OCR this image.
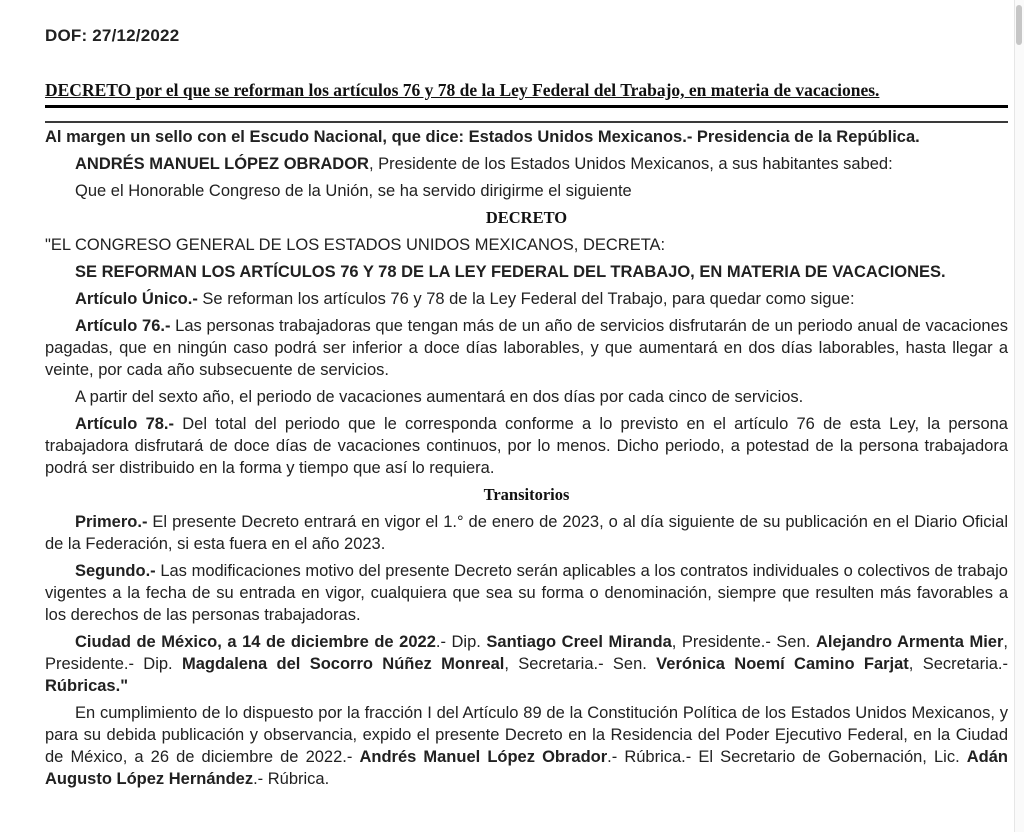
DOF: 27/12/2022

DECRETO por el que se reforman los artículos 76 y 78 de la Ley Federal del Trabajo, en materia de vacaciones.

Al margen un sello con el Escudo Nacional, que dice: Estados Unidos Mexicanos.- Presidencia de la República.

ANDRÉS MANUEL LÓPEZ OBRADOR, Presidente de los Estados Unidos Mexicanos, a sus habitantes sabed:

Que el Honorable Congreso de la Unión, se ha servido dirigirme el siguiente

DECRETO

"EL CONGRESO GENERAL DE LOS ESTADOS UNIDOS MEXICANOS, DECRETA:

SE REFORMAN LOS ARTÍCULOS 76 Y 78 DE LA LEY FEDERAL DEL TRABAJO, EN MATERIA DE VACACIONES.

Artículo Único.- Se reforman los artículos 76 y 78 de la Ley Federal del Trabajo, para quedar como sigue:

Artículo 76.- Las personas trabajadoras que tengan más de un año de servicios disfrutarán de un periodo anual de vacaciones pagadas, que en ningún caso podrá ser inferior a doce días laborables, y que aumentará en dos días laborables, hasta llegar a veinte, por cada año subsecuente de servicios.

A partir del sexto año, el periodo de vacaciones aumentará en dos días por cada cinco de servicios.

Artículo 78.- Del total del periodo que le corresponda conforme a lo previsto en el artículo 76 de esta Ley, la persona trabajadora disfrutará de doce días de vacaciones continuos, por lo menos. Dicho periodo, a potestad de la persona trabajadora podrá ser distribuido en la forma y tiempo que así lo requiera.

Transitorios

Primero.- El presente Decreto entrará en vigor el 1.° de enero de 2023, o al día siguiente de su publicación en el Diario Oficial de la Federación, si esta fuera en el año 2023.

Segundo.- Las modificaciones motivo del presente Decreto serán aplicables a los contratos individuales o colectivos de trabajo vigentes a la fecha de su entrada en vigor, cualquiera que sea su forma o denominación, siempre que resulten más favorables a los derechos de las personas trabajadoras.

Ciudad de México, a 14 de diciembre de 2022.- Dip. Santiago Creel Miranda, Presidente.- Sen. Alejandro Armenta Mier, Presidente.- Dip. Magdalena del Socorro Núñez Monreal, Secretaria.- Sen. Verónica Noemí Camino Farjat, Secretaria.- Rúbricas."

En cumplimiento de lo dispuesto por la fracción I del Artículo 89 de la Constitución Política de los Estados Unidos Mexicanos, y para su debida publicación y observancia, expido el presente Decreto en la Residencia del Poder Ejecutivo Federal, en la Ciudad de México, a 26 de diciembre de 2022.- Andrés Manuel López Obrador.- Rúbrica.- El Secretario de Gobernación, Lic. Adán Augusto López Hernández.- Rúbrica.
